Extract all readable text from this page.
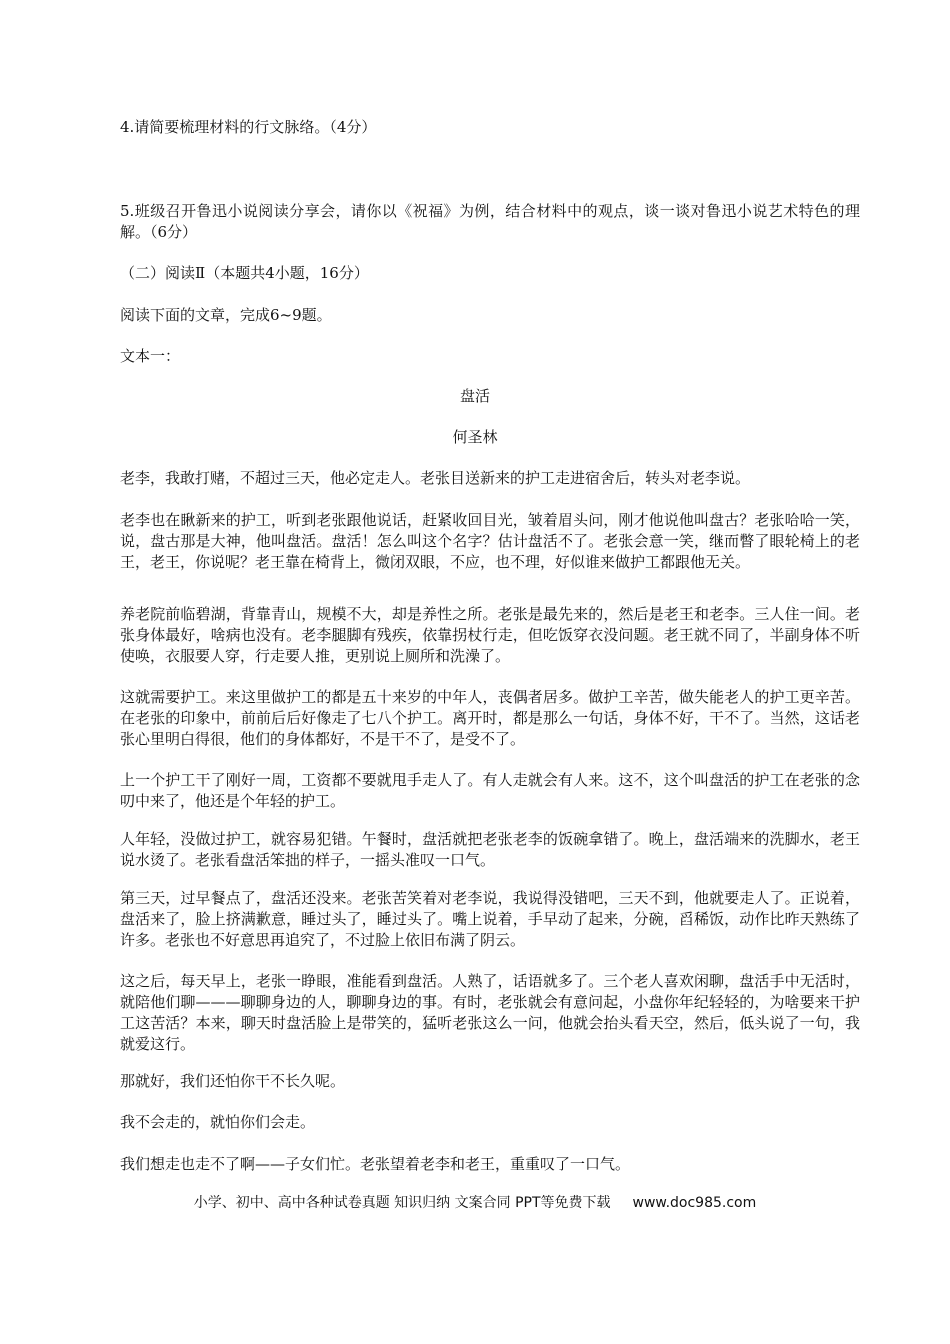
4.请简要梳理材料的行文脉络。（4分）
5.班级召开鲁迅小说阅读分享会，请你以《祝福》为例，结合材料中的观点，谈一谈对鲁迅小说艺术特色的理解。（6分）
（二）阅读Ⅱ（本题共4小题，16分）
阅读下面的文章，完成6~9题。
文本一：
盘活
何圣林
老李，我敢打赌，不超过三天，他必定走人。老张目送新来的护工走进宿舍后，转头对老李说。
老李也在瞅新来的护工，听到老张跟他说话，赶紧收回目光，皱着眉头问，刚才他说他叫盘古？老张哈哈一笑，说，盘古那是大神，他叫盘活。盘活！怎么叫这个名字？估计盘活不了。老张会意一笑，继而瞥了眼轮椅上的老王，老王，你说呢？老王靠在椅背上，微闭双眼，不应，也不理，好似谁来做护工都跟他无关。
养老院前临碧湖，背靠青山，规模不大，却是养性之所。老张是最先来的，然后是老王和老李。三人住一间。老张身体最好，啥病也没有。老李腿脚有残疾，依靠拐杖行走，但吃饭穿衣没问题。老王就不同了，半副身体不听使唤，衣服要人穿，行走要人推，更别说上厕所和洗澡了。
这就需要护工。来这里做护工的都是五十来岁的中年人，丧偶者居多。做护工辛苦，做失能老人的护工更辛苦。在老张的印象中，前前后后好像走了七八个护工。离开时，都是那么一句话，身体不好，干不了。当然，这话老张心里明白得很，他们的身体都好，不是干不了，是受不了。
上一个护工干了刚好一周，工资都不要就甩手走人了。有人走就会有人来。这不，这个叫盘活的护工在老张的念叨中来了，他还是个年轻的护工。
人年轻，没做过护工，就容易犯错。午餐时，盘活就把老张老李的饭碗拿错了。晚上，盘活端来的洗脚水，老王说水烫了。老张看盘活笨拙的样子，一摇头准叹一口气。
第三天，过早餐点了，盘活还没来。老张苦笑着对老李说，我说得没错吧，三天不到，他就要走人了。正说着，盘活来了，脸上挤满歉意，睡过头了，睡过头了。嘴上说着，手早动了起来，分碗，舀稀饭，动作比昨天熟练了许多。老张也不好意思再追究了，不过脸上依旧布满了阴云。
这之后，每天早上，老张一睁眼，准能看到盘活。人熟了，话语就多了。三个老人喜欢闲聊，盘活手中无活时，就陪他们聊———聊聊身边的人，聊聊身边的事。有时，老张就会有意问起，小盘你年纪轻轻的，为啥要来干护工这苦活？本来，聊天时盘活脸上是带笑的，猛听老张这么一问，他就会抬头看天空，然后，低头说了一句，我就爱这行。
那就好，我们还怕你干不长久呢。
我不会走的，就怕你们会走。
我们想走也走不了啊——子女们忙。老张望着老李和老王，重重叹了一口气。
小学、初中、高中各种试卷真题 知识归纳 文案合同 PPT等免费下载 www.doc985.com
